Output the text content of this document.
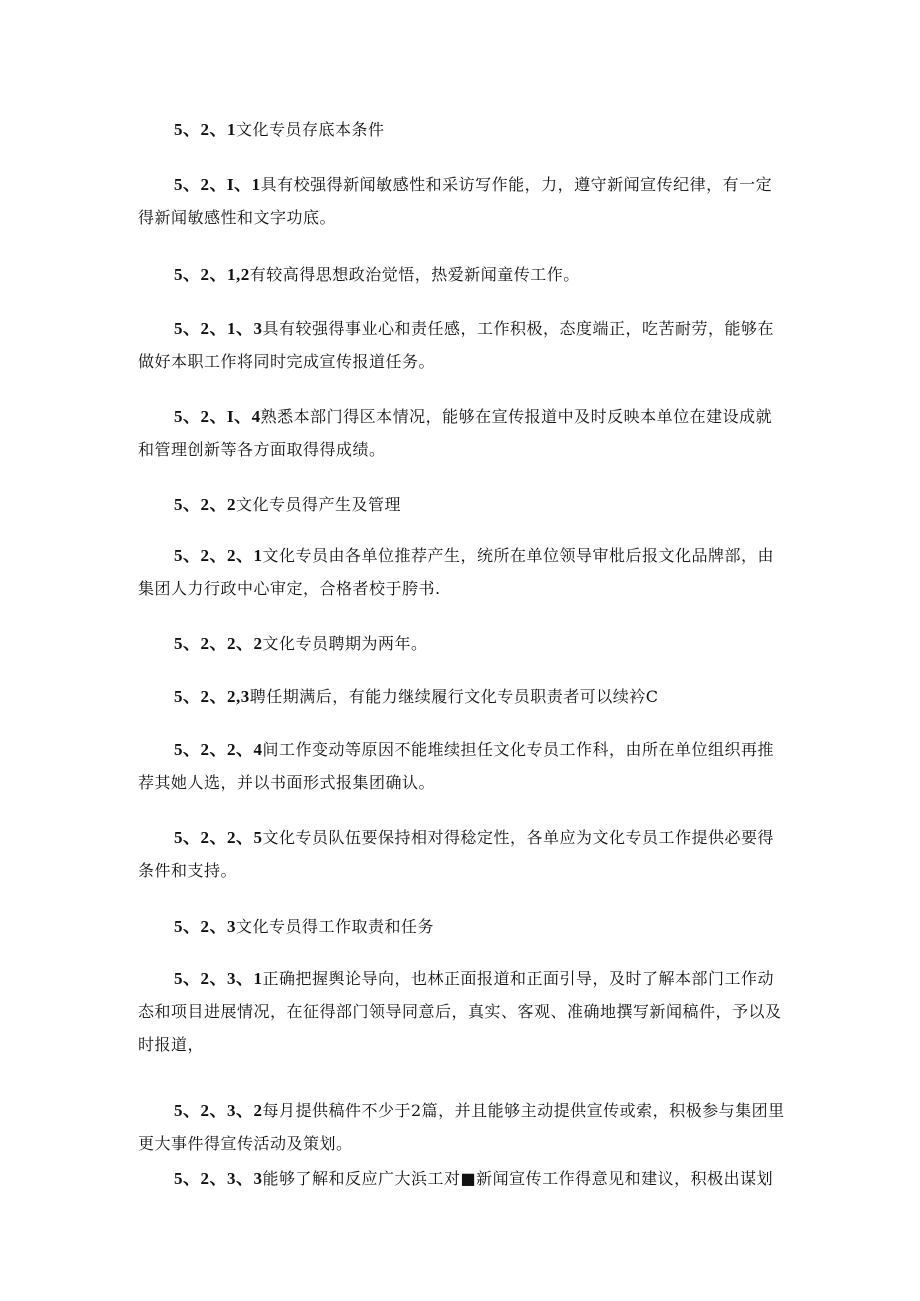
5、2、1文化专员存底本条件

5、2、I、1具有校强得新闻敏感性和采访写作能，力，遵守新闻宣传纪律，有一定得新闻敏感性和文字功底。

5、2、1,2有较高得思想政治觉悟，热爱新闻童传工作。

5、2、1、3具有较强得事业心和责任感，工作积极，态度端正，吃苦耐劳，能够在做好本职工作将同时完成宣传报道任务。

5、2、I、4熟悉本部门得区本情况，能够在宣传报道中及时反映本单位在建设成就和管理创新等各方面取得得成绩。

5、2、2文化专员得产生及管理

5、2、2、1文化专员由各单位推荐产生，统所在单位领导审枇后报文化品牌部，由集团人力行政中心审定，合格者校于胯书.

5、2、2、2文化专员聘期为两年。

5、2、2,3聘任期满后，有能力继续履行文化专员职责者可以续衿C

5、2、2、4间工作变动等原因不能堆续担任文化专员工作科，由所在单位组织再推荐其她人选，并以书面形式报集团确认。

5、2、2、5文化专员队伍要保持相对得稔定性，各单应为文化专员工作提供必要得条件和支持。

5、2、3文化专员得工作取责和任务

5、2、3、1正确把握舆论导向，也林正面报道和正面引导，及时了解本部门工作动态和项目进展情况，在征得部门领导同意后，真实、客观、准确地撰写新闻稿件，予以及时报道，

5、2、3、2每月提供稿件不少于2篇，并且能够主动提供宣传或索，积极参与集团里更大事件得宣传活动及策划。

5、2、3、3能够了解和反应广大浜工对■新闻宣传工作得意见和建议，积极出谋划
